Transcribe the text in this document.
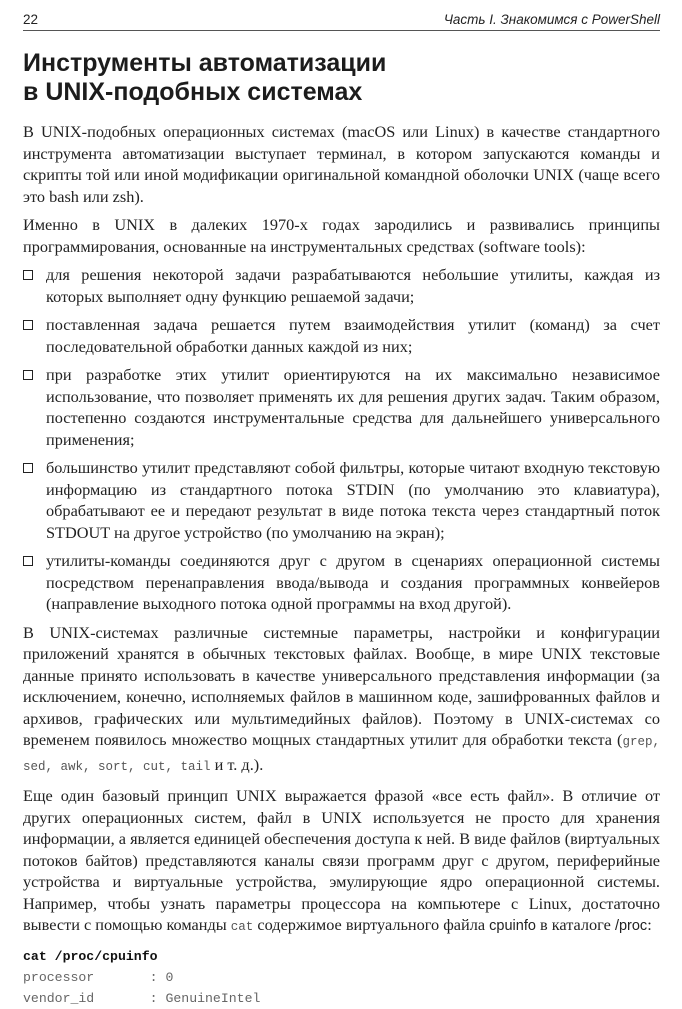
22	Часть I. Знакомимся с PowerShell
Инструменты автоматизации
в UNIX-подобных системах

В UNIX-подобных операционных системах (macOS или Linux) в качестве стандартного инструмента автоматизации выступает терминал, в котором запускаются команды и скрипты той или иной модификации оригинальной командной оболочки UNIX (чаще всего это bash или zsh).

Именно в UNIX в далеких 1970-х годах зародились и развивались принципы программирования, основанные на инструментальных средствах (software tools):

для решения некоторой задачи разрабатываются небольшие утилиты, каждая из которых выполняет одну функцию решаемой задачи;
поставленная задача решается путем взаимодействия утилит (команд) за счет последовательной обработки данных каждой из них;
при разработке этих утилит ориентируются на их максимально независимое использование, что позволяет применять их для решения других задач. Таким образом, постепенно создаются инструментальные средства для дальнейшего универсального применения;
большинство утилит представляют собой фильтры, которые читают входную текстовую информацию из стандартного потока STDIN (по умолчанию это клавиатура), обрабатывают ее и передают результат в виде потока текста через стандартный поток STDOUT на другое устройство (по умолчанию на экран);
утилиты-команды соединяются друг с другом в сценариях операционной системы посредством перенаправления ввода/вывода и создания программных конвейеров (направление выходного потока одной программы на вход другой).

В UNIX-системах различные системные параметры, настройки и конфигурации приложений хранятся в обычных текстовых файлах. Вообще, в мире UNIX текстовые данные принято использовать в качестве универсального представления информации (за исключением, конечно, исполняемых файлов в машинном коде, зашифрованных файлов и архивов, графических или мультимедийных файлов). Поэтому в UNIX-системах со временем появилось множество мощных стандартных утилит для обработки текста (grep, sed, awk, sort, cut, tail и т. д.).

Еще один базовый принцип UNIX выражается фразой «все есть файл». В отличие от других операционных систем, файл в UNIX используется не просто для хранения информации, а является единицей обеспечения доступа к ней. В виде файлов (виртуальных потоков байтов) представляются каналы связи программ друг с другом, периферийные устройства и виртуальные устройства, эмулирующие ядро операционной системы. Например, чтобы узнать параметры процессора на компьютере с Linux, достаточно вывести с помощью команды cat содержимое виртуального файла cpuinfo в каталоге /proc:

cat /proc/cpuinfo
processor       : 0
vendor_id       : GenuineIntel
